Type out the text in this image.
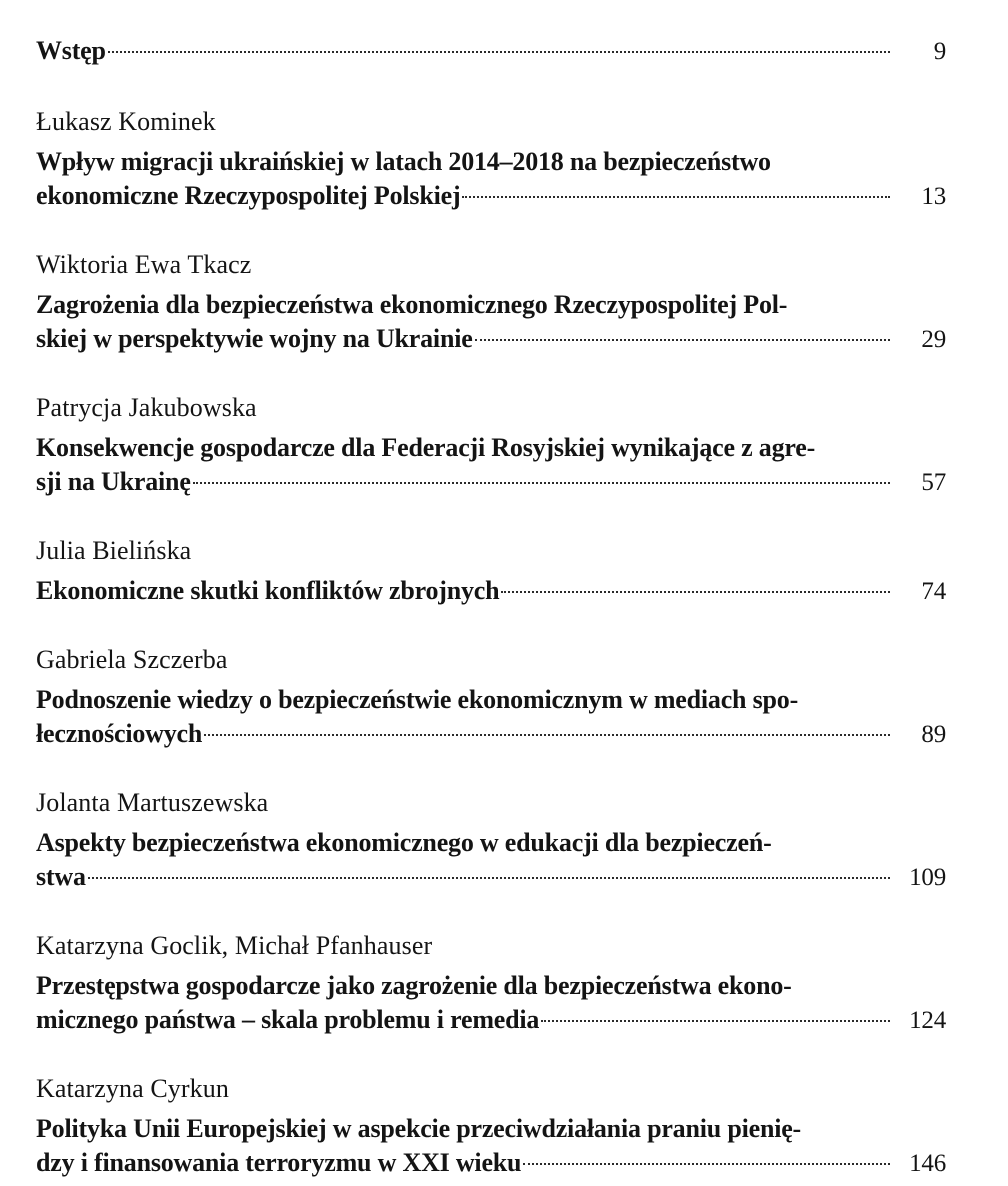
Wstęp	9
Łukasz Kominek
Wpływ migracji ukraińskiej w latach 2014–2018 na bezpieczeństwo
ekonomiczne Rzeczypospolitej Polskiej	13
Wiktoria Ewa Tkacz
Zagrożenia dla bezpieczeństwa ekonomicznego Rzeczypospolitej Pol-
skiej w perspektywie wojny na Ukrainie	29
Patrycja Jakubowska
Konsekwencje gospodarcze dla Federacji Rosyjskiej wynikające z agre-
sji na Ukrainę	57
Julia Bielińska
Ekonomiczne skutki konfliktów zbrojnych	74
Gabriela Szczerba
Podnoszenie wiedzy o bezpieczeństwie ekonomicznym w mediach spo-
łecznościowych	89
Jolanta Martuszewska
Aspekty bezpieczeństwa ekonomicznego w edukacji dla bezpieczeń-
stwa	109
Katarzyna Goclik, Michał Pfanhauser
Przestępstwa gospodarcze jako zagrożenie dla bezpieczeństwa ekono-
micznego państwa – skala problemu i remedia	124
Katarzyna Cyrkun
Polityka Unii Europejskiej w aspekcie przeciwdziałania praniu pienię-
dzy i finansowania terroryzmu w XXI wieku	146
